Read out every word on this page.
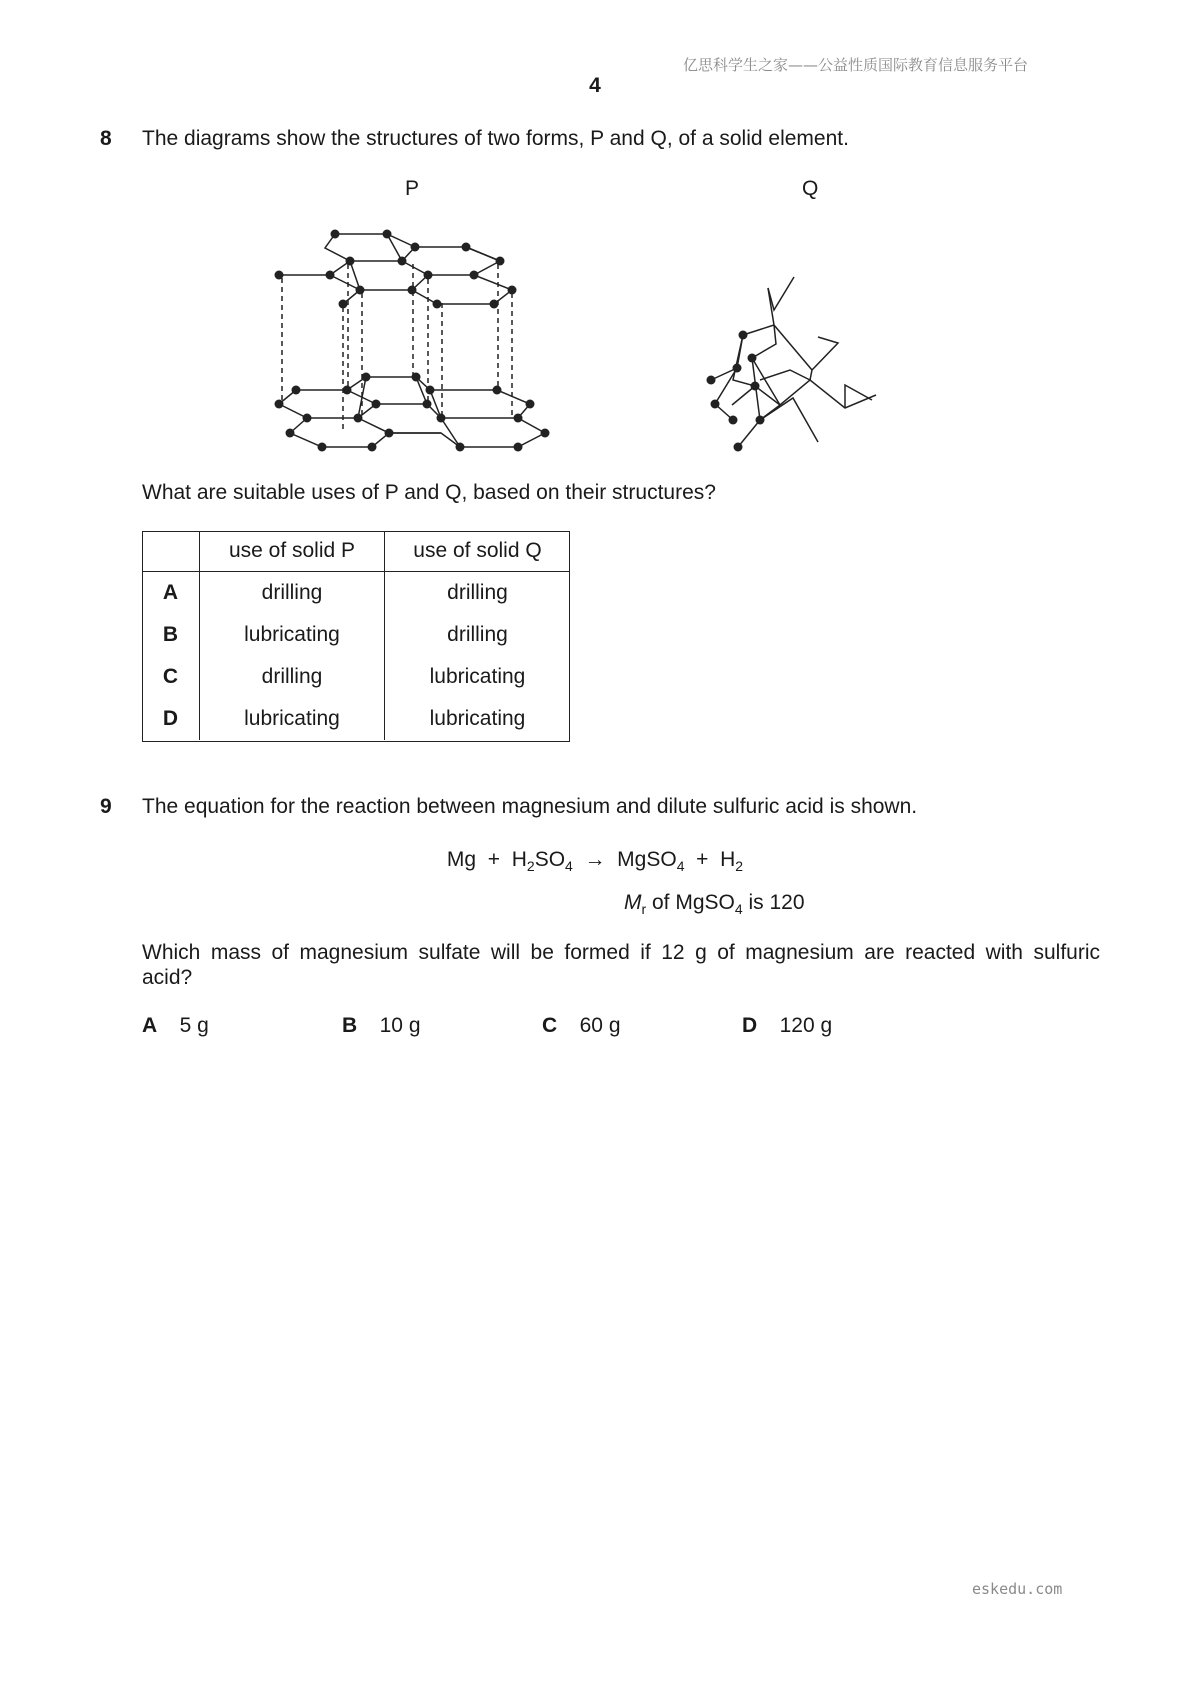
亿思科学生之家——公益性质国际教育信息服务平台
4
8 The diagrams show the structures of two forms, P and Q, of a solid element.
P	Q
What are suitable uses of P and Q, based on their structures?
	use of solid P	use of solid Q
A	drilling	drilling
B	lubricating	drilling
C	drilling	lubricating
D	lubricating	lubricating
9 The equation for the reaction between magnesium and dilute sulfuric acid is shown.
$Mg + H_2SO_4$ → MgSO$_4$ + $H_2$
$M_r$ of MgSO$_4$ is 120
Which mass of magnesium sulfate will be formed if 12 g of magnesium are reacted with sulfuric
acid?
A 5 g	B 10 g	C 60 g	D 120 g
eskedu.com
